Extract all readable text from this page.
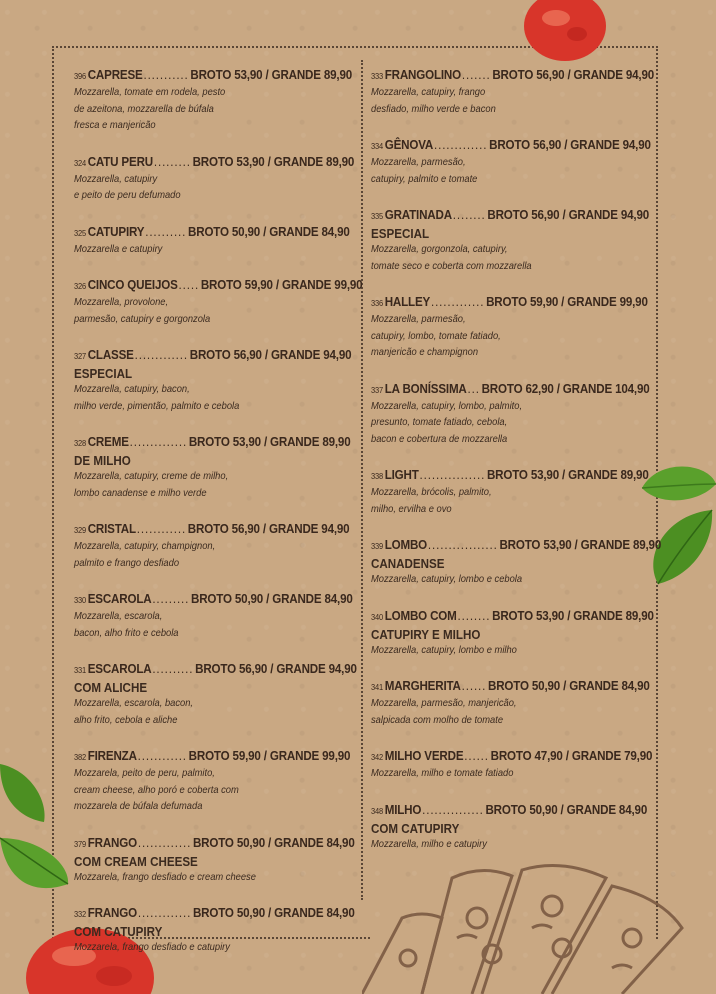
396 CAPRESE........... BROTO 53,90 / GRANDE 89,90
Mozzarella, tomate em rodela, pesto
de azeitona, mozzarella de búfala
fresca e manjericão
324 CATU PERU......... BROTO 53,90 / GRANDE 89,90
Mozzarella, catupiry
e peito de peru defumado
325 CATUPIRY.......... BROTO 50,90 / GRANDE 84,90
Mozzarella e catupiry
326 CINCO QUEIJOS..... BROTO 59,90 / GRANDE 99,90
Mozzarella, provolone,
parmesão, catupiry e gorgonzola
327 CLASSE............. BROTO 56,90 / GRANDE 94,90
ESPECIAL
Mozzarella, catupiry, bacon,
milho verde, pimentão, palmito e cebola
328 CREME.............. BROTO 53,90 / GRANDE 89,90
DE MILHO
Mozzarella, catupiry, creme de milho,
lombo canadense e milho verde
329 CRISTAL............ BROTO 56,90 / GRANDE 94,90
Mozzarella, catupiry, champignon,
palmito e frango desfiado
330 ESCAROLA......... BROTO 50,90 / GRANDE 84,90
Mozzarella, escarola,
bacon, alho frito e cebola
331 ESCAROLA.......... BROTO 56,90 / GRANDE 94,90
COM ALICHE
Mozzarella, escarola, bacon,
alho frito, cebola e aliche
382 FIRENZA............ BROTO 59,90 / GRANDE 99,90
Mozzarela, peito de peru, palmito,
cream cheese, alho poró e coberta com
mozzarela de búfala defumada
379 FRANGO............. BROTO 50,90 / GRANDE 84,90
COM CREAM CHEESE
Mozzarela, frango desfiado e cream cheese
332 FRANGO............. BROTO 50,90 / GRANDE 84,90
COM CATUPIRY
Mozzarela, frango desfiado e catupiry
333 FRANGOLINO....... BROTO 56,90 / GRANDE 94,90
Mozzarella, catupiry, frango
desfiado, milho verde e bacon
334 GÊNOVA............. BROTO 56,90 / GRANDE 94,90
Mozzarella, parmesão,
catupiry, palmito e tomate
335 GRATINADA........ BROTO 56,90 / GRANDE 94,90
ESPECIAL
Mozzarella, gorgonzola, catupiry,
tomate seco e coberta com mozzarella
336 HALLEY............. BROTO 59,90 / GRANDE 99,90
Mozzarella, parmesão,
catupiry, lombo, tomate fatiado,
manjericão e champignon
337 LA BONÍSSIMA... BROTO 62,90 / GRANDE 104,90
Mozzarella, catupiry, lombo, palmito,
presunto, tomate fatiado, cebola,
bacon e cobertura de mozzarella
338 LIGHT................ BROTO 53,90 / GRANDE 89,90
Mozzarella, brócolis, palmito,
milho, ervilha e ovo
339 LOMBO................. BROTO 53,90 / GRANDE 89,90
CANADENSE
Mozzarella, catupiry, lombo e cebola
340 LOMBO COM........ BROTO 53,90 / GRANDE 89,90
CATUPIRY E MILHO
Mozzarella, catupiry, lombo e milho
341 MARGHERITA...... BROTO 50,90 / GRANDE 84,90
Mozzarella, parmesão, manjericão,
salpicada com molho de tomate
342 MILHO VERDE...... BROTO 47,90 / GRANDE 79,90
Mozzarella, milho e tomate fatiado
348 MILHO............... BROTO 50,90 / GRANDE 84,90
COM CATUPIRY
Mozzarella, milho e catupiry
